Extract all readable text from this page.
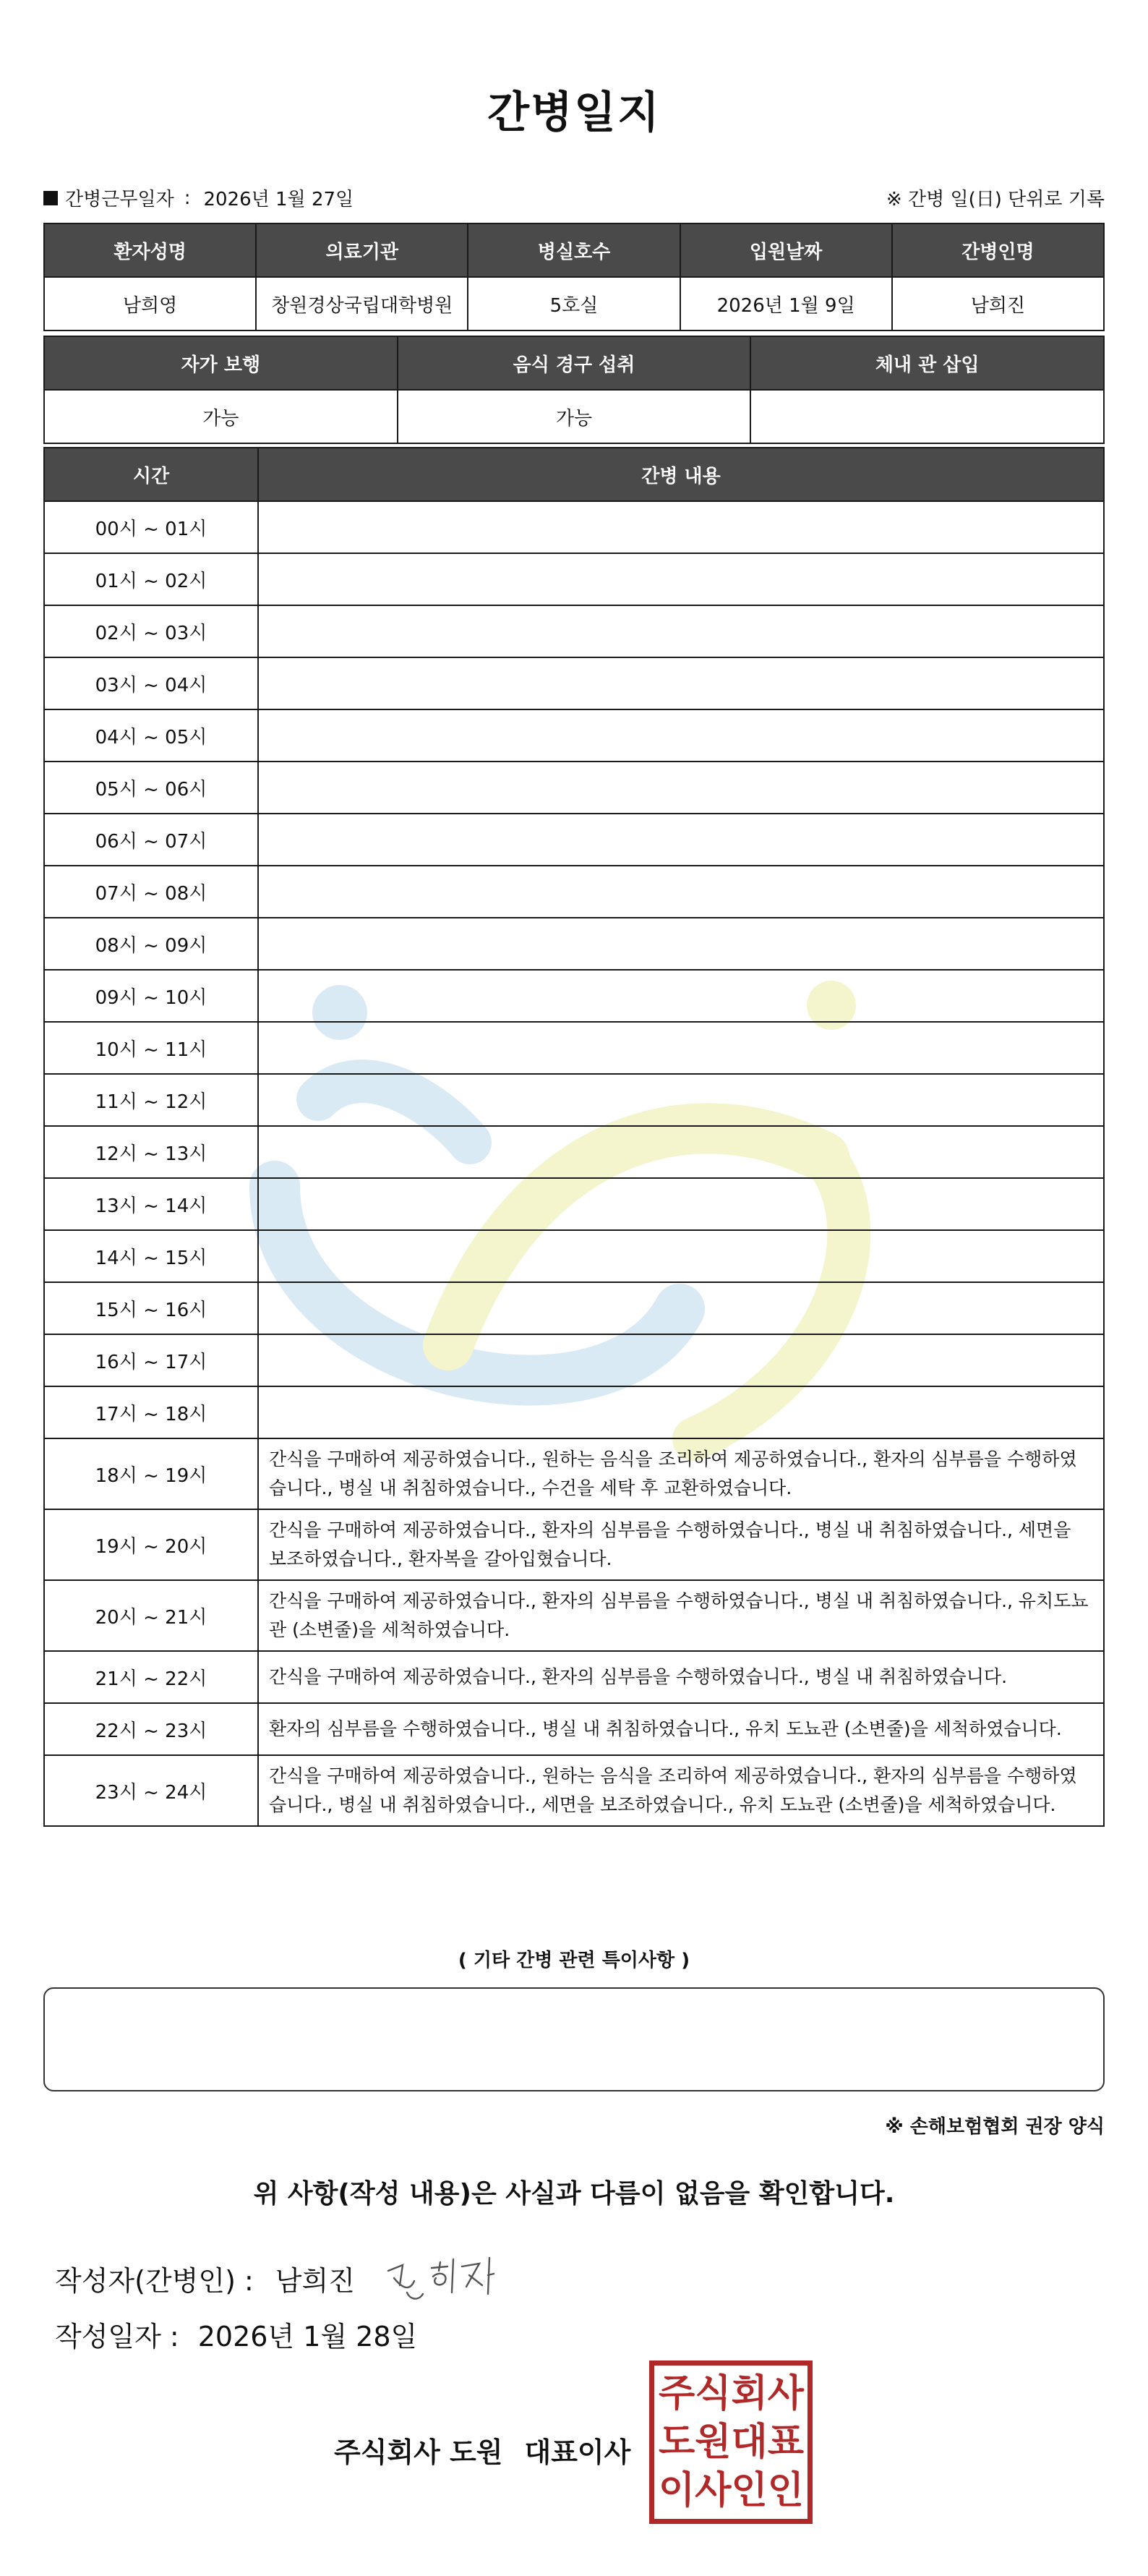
간병일지
간병근무일자 : 2026년 1월 27일	※ 간병 일(日) 단위로 기록
환자성명	의료기관	병실호수	입원날짜	간병인명
남희영	창원경상국립대학병원	5호실	2026년 1월 9일	남희진
자가 보행	음식 경구 섭취	체내 관 삽입
가능	가능	
시간	간병 내용
00시 ~ 01시	
01시 ~ 02시	
02시 ~ 03시	
03시 ~ 04시	
04시 ~ 05시	
05시 ~ 06시	
06시 ~ 07시	
07시 ~ 08시	
08시 ~ 09시	
09시 ~ 10시	
10시 ~ 11시	
11시 ~ 12시	
12시 ~ 13시	
13시 ~ 14시	
14시 ~ 15시	
15시 ~ 16시	
16시 ~ 17시	
17시 ~ 18시	
18시 ~ 19시	간식을 구매하여 제공하였습니다., 원하는 음식을 조리하여 제공하였습니다., 환자의 심부름을 수행하였습니다., 병실 내 취침하였습니다., 수건을 세탁 후 교환하였습니다.
19시 ~ 20시	간식을 구매하여 제공하였습니다., 환자의 심부름을 수행하였습니다., 병실 내 취침하였습니다., 세면을 보조하였습니다., 환자복을 갈아입혔습니다.
20시 ~ 21시	간식을 구매하여 제공하였습니다., 환자의 심부름을 수행하였습니다., 병실 내 취침하였습니다., 유치도뇨관 (소변줄)을 세척하였습니다.
21시 ~ 22시	간식을 구매하여 제공하였습니다., 환자의 심부름을 수행하였습니다., 병실 내 취침하였습니다.
22시 ~ 23시	환자의 심부름을 수행하였습니다., 병실 내 취침하였습니다., 유치 도뇨관 (소변줄)을 세척하였습니다.
23시 ~ 24시	간식을 구매하여 제공하였습니다., 원하는 음식을 조리하여 제공하였습니다., 환자의 심부름을 수행하였습니다., 병실 내 취침하였습니다., 세면을 보조하였습니다., 유치 도뇨관 (소변줄)을 세척하였습니다.
( 기타 간병 관련 특이사항 )
※ 손해보험협회 권장 양식
위 사항(작성 내용)은 사실과 다름이 없음을 확인합니다.
작성자(간병인) : 남희진
작성일자 : 2026년 1월 28일
주식회사 도원 대표이사
주 식 회 사
도 원 대 표
이 사 인 인
